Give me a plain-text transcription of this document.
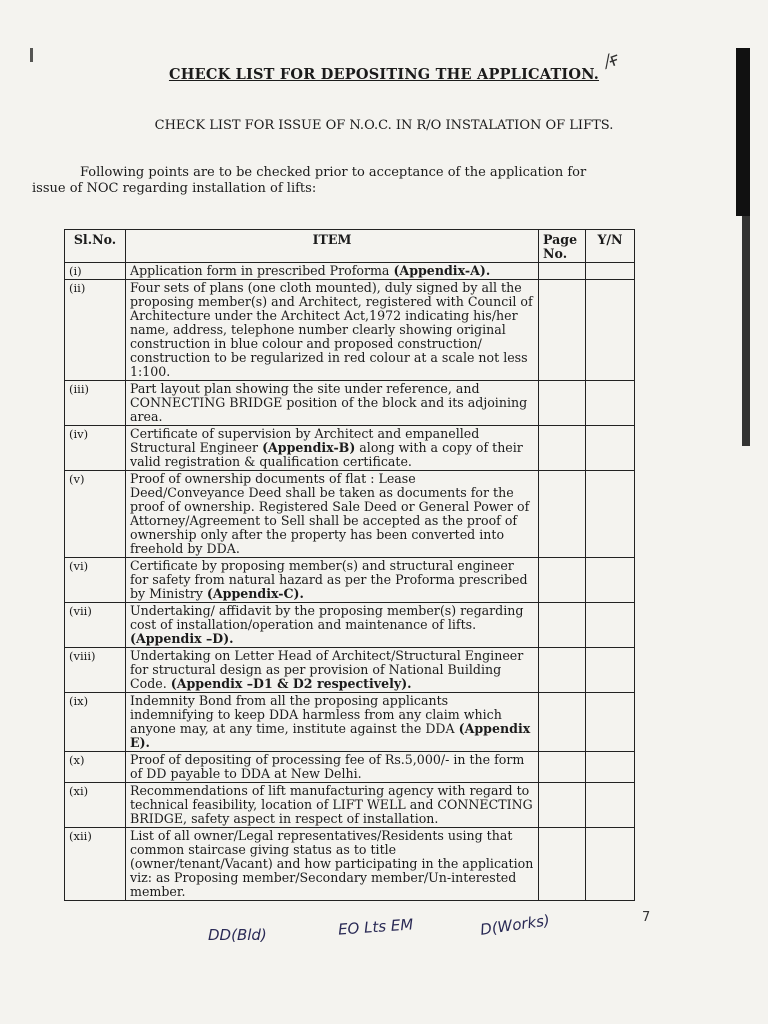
⁄ғ
CHECK LIST FOR DEPOSITING THE APPLICATION.
CHECK LIST FOR ISSUE OF N.O.C. IN R/O INSTALATION OF LIFTS.
Following points are to be checked prior to acceptance of the application for
issue of NOC regarding installation of lifts:
Sl.No.	ITEM	Page No.	Y/N
(i)	Application form in prescribed Proforma (Appendix-A).		
(ii)	Four sets of plans (one cloth mounted), duly signed by all the proposing member(s) and Architect, registered with Council of Architecture under the Architect Act,1972 indicating his/her name, address, telephone number clearly showing original construction in blue colour and proposed construction/ construction to be regularized in red colour at a scale not less 1:100.		
(iii)	Part layout plan showing the site under reference, and CONNECTING BRIDGE position of the block and its adjoining area.		
(iv)	Certificate of supervision by Architect and empanelled Structural Engineer (Appendix-B) along with a copy of their valid registration & qualification certificate.		
(v)	Proof of ownership documents of flat : Lease Deed/Conveyance Deed shall be taken as documents for the proof of ownership. Registered Sale Deed or General Power of Attorney/Agreement to Sell shall be accepted as the proof of ownership only after the property has been converted into freehold by DDA.		
(vi)	Certificate by proposing member(s) and structural engineer for safety from natural hazard as per the Proforma prescribed by Ministry (Appendix-C).		
(vii)	Undertaking/ affidavit by the proposing member(s) regarding cost of installation/operation and maintenance of lifts. (Appendix –D).		
(viii)	Undertaking on Letter Head of Architect/Structural Engineer for structural design as per provision of National Building Code. (Appendix –D1 & D2 respectively).		
(ix)	Indemnity Bond from all the proposing applicants indemnifying to keep DDA harmless from any claim which anyone may, at any time, institute against the DDA (Appendix E).		
(x)	Proof of depositing of processing fee of Rs.5,000/- in the form of DD payable to DDA at New Delhi.		
(xi)	Recommendations of lift manufacturing agency with regard to technical feasibility, location of LIFT WELL and CONNECTING BRIDGE, safety aspect in respect of installation.		
(xii)	List of all owner/Legal representatives/Residents using that common staircase giving status as to title (owner/tenant/Vacant) and how participating in the application viz: as Proposing member/Secondary member/Un-interested member.		
DD(Bld)	EO Lts EM	D(Works)	7
